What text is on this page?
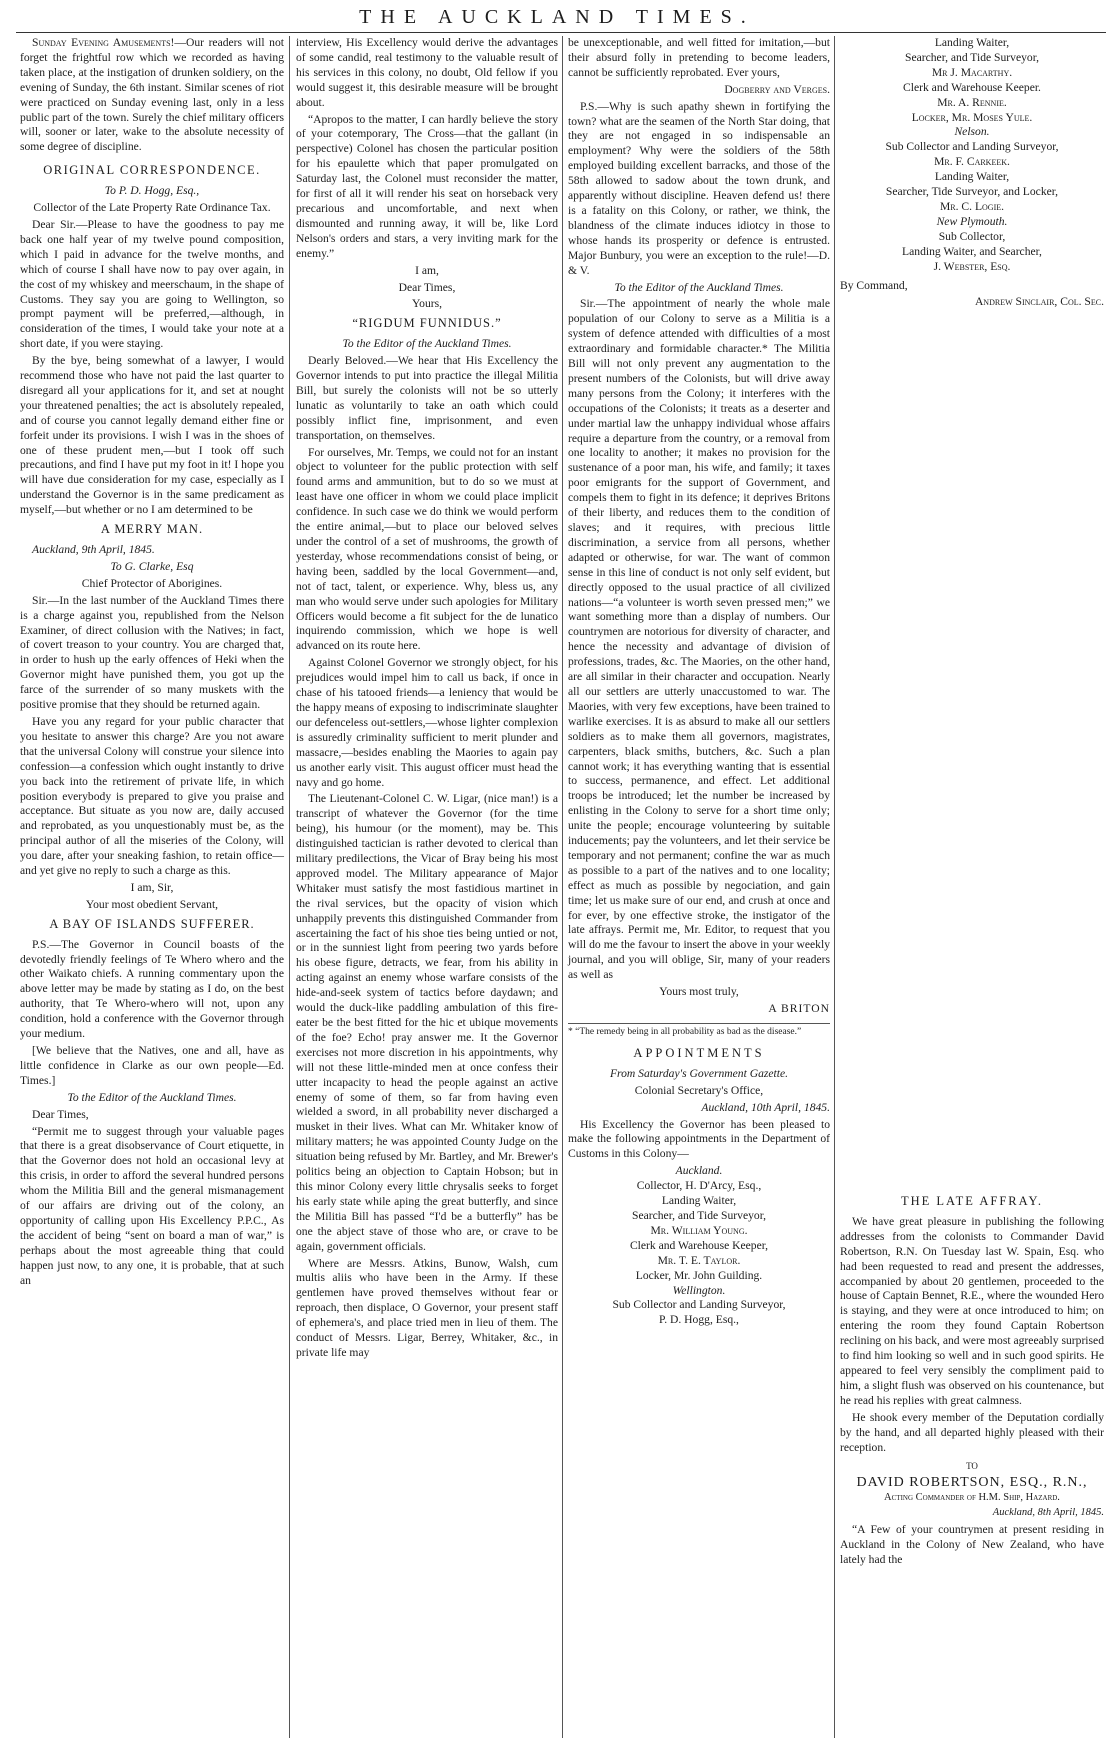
THE AUCKLAND TIMES.

Sunday Evening Amusements!—Our readers will not forget the frightful row which we recorded as having taken place, at the instigation of drunken soldiery, on the evening of Sunday, the 6th instant. Similar scenes of riot were practiced on Sunday evening last, only in a less public part of the town. Surely the chief military officers will, sooner or later, wake to the absolute necessity of some degree of discipline.

ORIGINAL CORRESPONDENCE.

To P. D. Hogg, Esq.,

Collector of the Late Property Rate Ordinance Tax.

Dear Sir.—Please to have the goodness to pay me back one half year of my twelve pound composition, which I paid in advance for the twelve months, and which of course I shall have now to pay over again, in the cost of my whiskey and meerschaum, in the shape of Customs. They say you are going to Wellington, so prompt payment will be preferred,—although, in consideration of the times, I would take your note at a short date, if you were staying.

By the bye, being somewhat of a lawyer, I would recommend those who have not paid the last quarter to disregard all your applications for it, and set at nought your threatened penalties; the act is absolutely repealed, and of course you cannot legally demand either fine or forfeit under its provisions. I wish I was in the shoes of one of these prudent men,—but I took off such precautions, and find I have put my foot in it! I hope you will have due consideration for my case, especially as I understand the Governor is in the same predicament as myself,—but whether or no I am determined to be

A MERRY MAN.

Auckland, 9th April, 1845.

To G. Clarke, Esq

Chief Protector of Aborigines.

Sir.—In the last number of the Auckland Times there is a charge against you, republished from the Nelson Examiner, of direct collusion with the Natives; in fact, of covert treason to your country. You are charged that, in order to hush up the early offences of Heki when the Governor might have punished them, you got up the farce of the surrender of so many muskets with the positive promise that they should be returned again.

Have you any regard for your public character that you hesitate to answer this charge? Are you not aware that the universal Colony will construe your silence into confession—a confession which ought instantly to drive you back into the retirement of private life, in which position everybody is prepared to give you praise and acceptance. But situate as you now are, daily accused and reprobated, as you unquestionably must be, as the principal author of all the miseries of the Colony, will you dare, after your sneaking fashion, to retain office—and yet give no reply to such a charge as this.

I am, Sir,

Your most obedient Servant,

A BAY OF ISLANDS SUFFERER.

P.S.—The Governor in Council boasts of the devotedly friendly feelings of Te Whero whero and the other Waikato chiefs. A running commentary upon the above letter may be made by stating as I do, on the best authority, that Te Whero-whero will not, upon any condition, hold a conference with the Governor through your medium.

[We believe that the Natives, one and all, have as little confidence in Clarke as our own people—Ed. Times.]

To the Editor of the Auckland Times.

Dear Times,

“Permit me to suggest through your valuable pages that there is a great disobservance of Court etiquette, in that the Governor does not hold an occasional levy at this crisis, in order to afford the several hundred persons whom the Militia Bill and the general mismanagement of our affairs are driving out of the colony, an opportunity of calling upon His Excellency P.P.C., As the accident of being “sent on board a man of war,” is perhaps about the most agreeable thing that could happen just now, to any one, it is probable, that at such an

interview, His Excellency would derive the advantages of some candid, real testimony to the valuable result of his services in this colony, no doubt, Old fellow if you would suggest it, this desirable measure will be brought about.

“Apropos to the matter, I can hardly believe the story of your cotemporary, The Cross—that the gallant (in perspective) Colonel has chosen the particular position for his epaulette which that paper promulgated on Saturday last, the Colonel must reconsider the matter, for first of all it will render his seat on horseback very precarious and uncomfortable, and next when dismounted and running away, it will be, like Lord Nelson's orders and stars, a very inviting mark for the enemy.”

I am,

Dear Times,

Yours,

“RIGDUM FUNNIDUS.”

To the Editor of the Auckland Times.

Dearly Beloved.—We hear that His Excellency the Governor intends to put into practice the illegal Militia Bill, but surely the colonists will not be so utterly lunatic as voluntarily to take an oath which could possibly inflict fine, imprisonment, and even transportation, on themselves.

For ourselves, Mr. Temps, we could not for an instant object to volunteer for the public protection with self found arms and ammunition, but to do so we must at least have one officer in whom we could place implicit confidence. In such case we do think we would perform the entire animal,—but to place our beloved selves under the control of a set of mushrooms, the growth of yesterday, whose recommendations consist of being, or having been, saddled by the local Government—and, not of tact, talent, or experience. Why, bless us, any man who would serve under such apologies for Military Officers would become a fit subject for the de lunatico inquirendo commission, which we hope is well advanced on its route here.

Against Colonel Governor we strongly object, for his prejudices would impel him to call us back, if once in chase of his tatooed friends—a leniency that would be the happy means of exposing to indiscriminate slaughter our defenceless out-settlers,—whose lighter complexion is assuredly criminality sufficient to merit plunder and massacre,—besides enabling the Maories to again pay us another early visit. This august officer must head the navy and go home.

The Lieutenant-Colonel C. W. Ligar, (nice man!) is a transcript of whatever the Governor (for the time being), his humour (or the moment), may be. This distinguished tactician is rather devoted to clerical than military predilections, the Vicar of Bray being his most approved model. The Military appearance of Major Whitaker must satisfy the most fastidious martinet in the rival services, but the opacity of vision which unhappily prevents this distinguished Commander from ascertaining the fact of his shoe ties being untied or not, or in the sunniest light from peering two yards before his obese figure, detracts, we fear, from his ability in acting against an enemy whose warfare consists of the hide-and-seek system of tactics before daydawn; and would the duck-like paddling ambulation of this fire-eater be the best fitted for the hic et ubique movements of the foe? Echo! pray answer me. It the Governor exercises not more discretion in his appointments, why will not these little-minded men at once confess their utter incapacity to head the people against an active enemy of some of them, so far from having even wielded a sword, in all probability never discharged a musket in their lives. What can Mr. Whitaker know of military matters; he was appointed County Judge on the situation being refused by Mr. Bartley, and Mr. Brewer's politics being an objection to Captain Hobson; but in this minor Colony every little chrysalis seeks to forget his early state while aping the great butterfly, and since the Militia Bill has passed “I'd be a butterfly” has be one the abject stave of those who are, or crave to be again, government officials.

Where are Messrs. Atkins, Bunow, Walsh, cum multis aliis who have been in the Army. If these gentlemen have proved themselves without fear or reproach, then displace, O Governor, your present staff of ephemera's, and place tried men in lieu of them. The conduct of Messrs. Ligar, Berrey, Whitaker, &c., in private life may

be unexceptionable, and well fitted for imitation,—but their absurd folly in pretending to become leaders, cannot be sufficiently reprobated. Ever yours,

Dogberry and Verges.

P.S.—Why is such apathy shewn in fortifying the town? what are the seamen of the North Star doing, that they are not engaged in so indispensable an employment? Why were the soldiers of the 58th employed building excellent barracks, and those of the 58th allowed to sadow about the town drunk, and apparently without discipline. Heaven defend us! there is a fatality on this Colony, or rather, we think, the blandness of the climate induces idiotcy in those to whose hands its prosperity or defence is entrusted. Major Bunbury, you were an exception to the rule!—D. & V.

To the Editor of the Auckland Times.

Sir.—The appointment of nearly the whole male population of our Colony to serve as a Militia is a system of defence attended with difficulties of a most extraordinary and formidable character.* The Militia Bill will not only prevent any augmentation to the present numbers of the Colonists, but will drive away many persons from the Colony; it interferes with the occupations of the Colonists; it treats as a deserter and under martial law the unhappy individual whose affairs require a departure from the country, or a removal from one locality to another; it makes no provision for the sustenance of a poor man, his wife, and family; it taxes poor emigrants for the support of Government, and compels them to fight in its defence; it deprives Britons of their liberty, and reduces them to the condition of slaves; and it requires, with precious little discrimination, a service from all persons, whether adapted or otherwise, for war. The want of common sense in this line of conduct is not only self evident, but directly opposed to the usual practice of all civilized nations—“a volunteer is worth seven pressed men;” we want something more than a display of numbers. Our countrymen are notorious for diversity of character, and hence the necessity and advantage of division of professions, trades, &c. The Maories, on the other hand, are all similar in their character and occupation. Nearly all our settlers are utterly unaccustomed to war. The Maories, with very few exceptions, have been trained to warlike exercises. It is as absurd to make all our settlers soldiers as to make them all governors, magistrates, carpenters, black smiths, butchers, &c. Such a plan cannot work; it has everything wanting that is essential to success, permanence, and effect. Let additional troops be introduced; let the number be increased by enlisting in the Colony to serve for a short time only; unite the people; encourage volunteering by suitable inducements; pay the volunteers, and let their service be temporary and not permanent; confine the war as much as possible to a part of the natives and to one locality; effect as much as possible by negociation, and gain time; let us make sure of our end, and crush at once and for ever, by one effective stroke, the instigator of the late affrays. Permit me, Mr. Editor, to request that you will do me the favour to insert the above in your weekly journal, and you will oblige, Sir, many of your readers as well as

Yours most truly,

A BRITON

* “The remedy being in all probability as bad as the disease.”

APPOINTMENTS

From Saturday's Government Gazette.

Colonial Secretary's Office,

Auckland, 10th April, 1845.

His Excellency the Governor has been pleased to make the following appointments in the Department of Customs in this Colony—

Auckland.

Collector, H. D'Arcy, Esq.,

Landing Waiter,

Searcher, and Tide Surveyor,

Mr. William Young.

Clerk and Warehouse Keeper,

Mr. T. E. Taylor.

Locker, Mr. John Guilding.

Wellington.

Sub Collector and Landing Surveyor,

P. D. Hogg, Esq.,

Landing Waiter,

Searcher, and Tide Surveyor,

Mr J. Macarthy.

Clerk and Warehouse Keeper.

Mr. A. Rennie.

Locker, Mr. Moses Yule.

Nelson.

Sub Collector and Landing Surveyor,

Mr. F. Carkeek.

Landing Waiter,

Searcher, Tide Surveyor, and Locker,

Mr. C. Logie.

New Plymouth.

Sub Collector,

Landing Waiter, and Searcher,

J. Webster, Esq.

By Command,

Andrew Sinclair, Col. Sec.

THE LATE AFFRAY.

We have great pleasure in publishing the following addresses from the colonists to Commander David Robertson, R.N. On Tuesday last W. Spain, Esq. who had been requested to read and present the addresses, accompanied by about 20 gentlemen, proceeded to the house of Captain Bennet, R.E., where the wounded Hero is staying, and they were at once introduced to him; on entering the room they found Captain Robertson reclining on his back, and were most agreeably surprised to find him looking so well and in such good spirits. He appeared to feel very sensibly the compliment paid to him, a slight flush was observed on his countenance, but he read his replies with great calmness.

He shook every member of the Deputation cordially by the hand, and all departed highly pleased with their reception.

TO

DAVID ROBERTSON, ESQ., R.N.,

Acting Commander of H.M. Ship, Hazard.

Auckland, 8th April, 1845.

“A Few of your countrymen at present residing in Auckland in the Colony of New Zealand, who have lately had the
